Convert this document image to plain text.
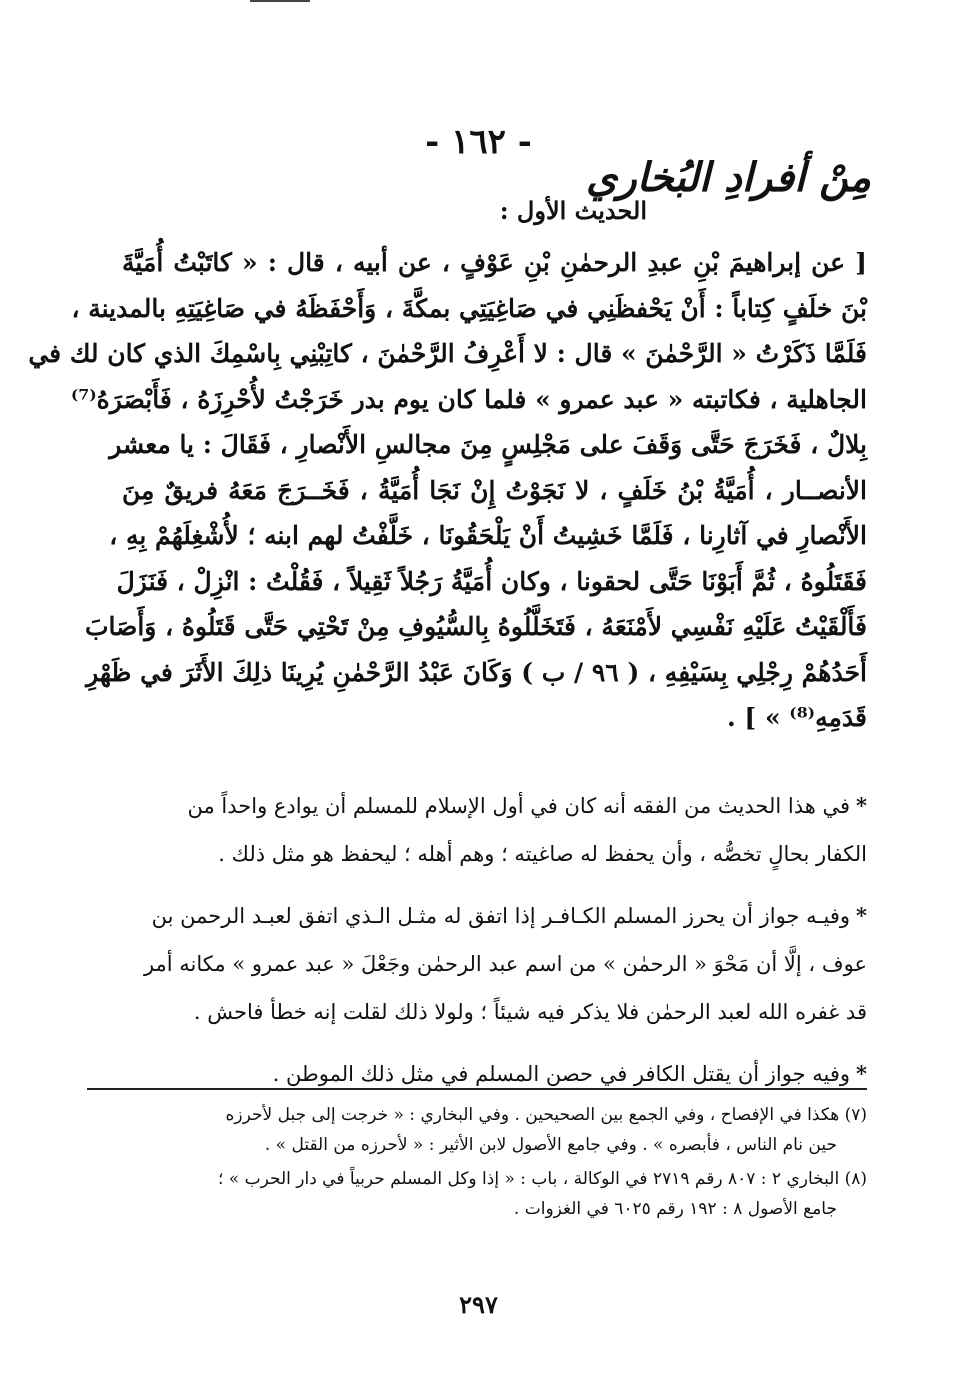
- ١٦٢ -
مِنْ أفرادِ البُخاري
الحديث الأول :
[ عن إبراهيمَ بْنِ عبدِ الرحمٰنِ بْنِ عَوْفٍ ، عن أبيه ، قال : « كاتَبْتُ أُمَيَّةَ
بْنَ خلَفٍ كِتاباً : أَنْ يَحْفظَنِي في صَاغِيَتِي بمكَّةَ ، وَأَحْفَظَهُ في صَاغِيَتِهِ بالمدينة ،
فَلَمَّا ذَكَرْتُ « الرَّحْمٰنَ » قال : لا أَعْرِفُ الرَّحْمٰنَ ، كاتِبْنِي بِاسْمِكَ الذي كان لك في
الجاهلية ، فكاتبته « عبد عمرو » فلما كان يوم بدر خَرَجْتُ لأُحْرِزَهُ ، فَأَبْصَرَهُ⁽⁷⁾
بِلالٌ ، فَخَرَجَ حَتَّى وَقَفَ على مَجْلِسٍ مِنَ مجالسِ الأَنْصارِ ، فَقَالَ : يا معشر
الأنصــار ، أُمَيَّةُ بْنُ خَلَفٍ ، لا نَجَوْتُ إِنْ نَجَا أُمَيَّةُ ، فَخَــرَجَ مَعَهُ فريقٌ مِنَ
الأَنْصارِ في آثارِنا ، فَلَمَّا خَشِيتُ أَنْ يَلْحَقُونَا ، خَلَّفْتُ لهم ابنه ؛ لأُشْغِلَهُمْ بِهِ ،
فَقَتَلُوهُ ، ثُمَّ أَبَوْنَا حَتَّى لحقونا ، وكان أُمَيَّةُ رَجُلاً ثَقِيلاً ، فَقُلْتُ : انْزِلْ ، فَنَزَلَ
فَأَلْقَيْتُ عَلَيْهِ نَفْسِي لأَمْنَعَهُ ، فَتَخَلَّلُوهُ بِالسُّيُوفِ مِنْ تَحْتِي حَتَّى قَتَلُوهُ ، وَأَصَابَ
أَحَدُهُمْ رِجْلِي بِسَيْفِهِ ، ( ٩٦ / ب ) وَكَانَ عَبْدُ الرَّحْمٰنِ يُرِينَا ذلِكَ الأَثَرَ في ظَهْرِ
قَدَمِهِ⁽⁸⁾ » ] .
*في هذا الحديث من الفقه أنه كان في أول الإسلام للمسلم أن يوادع واحداً من
الكفار بحالٍ تخصُّه ، وأن يحفظ له صاغيته ؛ وهم أهله ؛ ليحفظ هو مثل ذلك .
*وفيـه جواز أن يحرز المسلم الكـافـر إذا اتفق له مثـل الـذي اتفق لعبـد الرحمن بن
عوف ، إلَّا أن مَحْوَ « الرحمٰن » من اسم عبد الرحمٰن وجَعْلَ « عبد عمرو » مكانه أمر
قد غفره الله لعبد الرحمٰن فلا يذكر فيه شيئاً ؛ ولولا ذلك لقلت إنه خطأ فاحش .
*وفيه جواز أن يقتل الكافر في حصن المسلم في مثل ذلك الموطن .
(٧) هكذا في الإفصاح ، وفي الجمع بين الصحيحين . وفي البخاري : « خرجت إلى جبل لأحرزه
حين نام الناس ، فأبصره » . وفي جامع الأصول لابن الأثير : « لأحرزه من القتل » .
(٨) البخاري ٢ : ٨٠٧ رقم ٢٧١٩ في الوكالة ، باب : « إذا وكل المسلم حربياً في دار الحرب » ؛
جامع الأصول ٨ : ١٩٢ رقم ٦٠٢٥ في الغزوات .
٢٩٧
